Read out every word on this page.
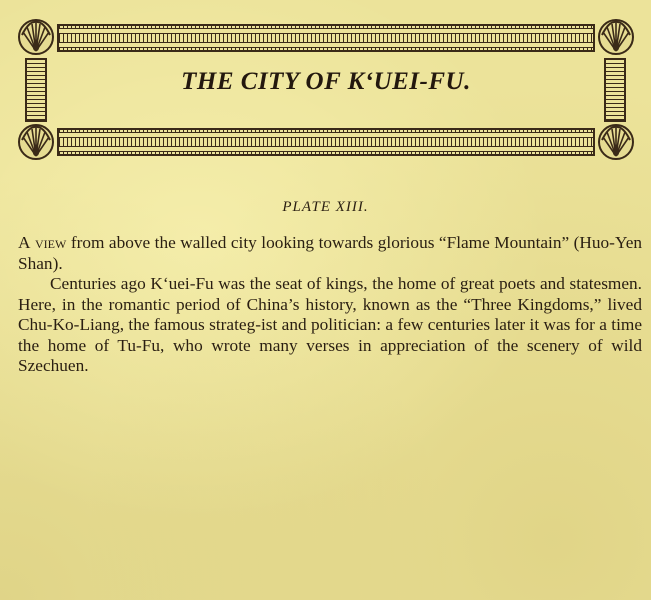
THE CITY OF K‘UEI-FU.

PLATE XIII.

A view from above the walled city looking towards glorious “Flame Mountain” (Huo-Yen Shan).

Centuries ago K‘uei-Fu was the seat of kings, the home of great poets and statesmen. Here, in the romantic period of China’s history, known as the “Three Kingdoms,” lived Chu-Ko-Liang, the famous strateg-ist and politician: a few centuries later it was for a time the home of Tu-Fu, who wrote many verses in appreciation of the scenery of wild Szechuen.
